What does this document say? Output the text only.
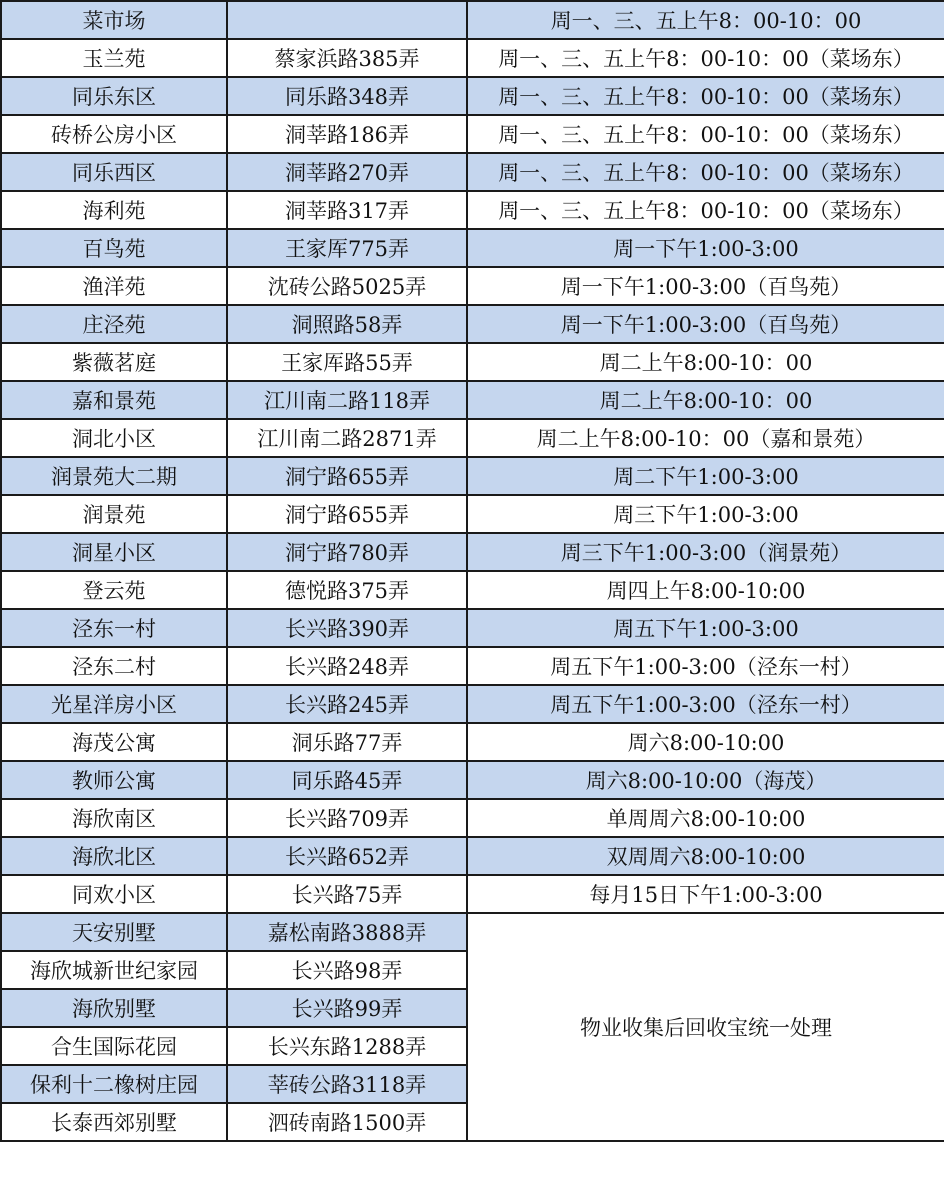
菜市场		周一、三、五上午8：00-10：00
玉兰苑	蔡家浜路385弄	周一、三、五上午8：00-10：00（菜场东）
同乐东区	同乐路348弄	周一、三、五上午8：00-10：00（菜场东）
砖桥公房小区	洞莘路186弄	周一、三、五上午8：00-10：00（菜场东）
同乐西区	洞莘路270弄	周一、三、五上午8：00-10：00（菜场东）
海利苑	洞莘路317弄	周一、三、五上午8：00-10：00（菜场东）
百鸟苑	王家厍775弄	周一下午1:00-3:00
渔洋苑	沈砖公路5025弄	周一下午1:00-3:00（百鸟苑）
庄泾苑	洞照路58弄	周一下午1:00-3:00（百鸟苑）
紫薇茗庭	王家厍路55弄	周二上午8:00-10：00
嘉和景苑	江川南二路118弄	周二上午8:00-10：00
洞北小区	江川南二路2871弄	周二上午8:00-10：00（嘉和景苑）
润景苑大二期	洞宁路655弄	周二下午1:00-3:00
润景苑	洞宁路655弄	周三下午1:00-3:00
洞星小区	洞宁路780弄	周三下午1:00-3:00（润景苑）
登云苑	德悦路375弄	周四上午8:00-10:00
泾东一村	长兴路390弄	周五下午1:00-3:00
泾东二村	长兴路248弄	周五下午1:00-3:00（泾东一村）
光星洋房小区	长兴路245弄	周五下午1:00-3:00（泾东一村）
海茂公寓	洞乐路77弄	周六8:00-10:00
教师公寓	同乐路45弄	周六8:00-10:00（海茂）
海欣南区	长兴路709弄	单周周六8:00-10:00
海欣北区	长兴路652弄	双周周六8:00-10:00
同欢小区	长兴路75弄	每月15日下午1:00-3:00
天安别墅	嘉松南路3888弄	物业收集后回收宝统一处理
海欣城新世纪家园	长兴路98弄	
海欣别墅	长兴路99弄	
合生国际花园	长兴东路1288弄	
保利十二橡树庄园	莘砖公路3118弄	
长泰西郊别墅	泗砖南路1500弄	
